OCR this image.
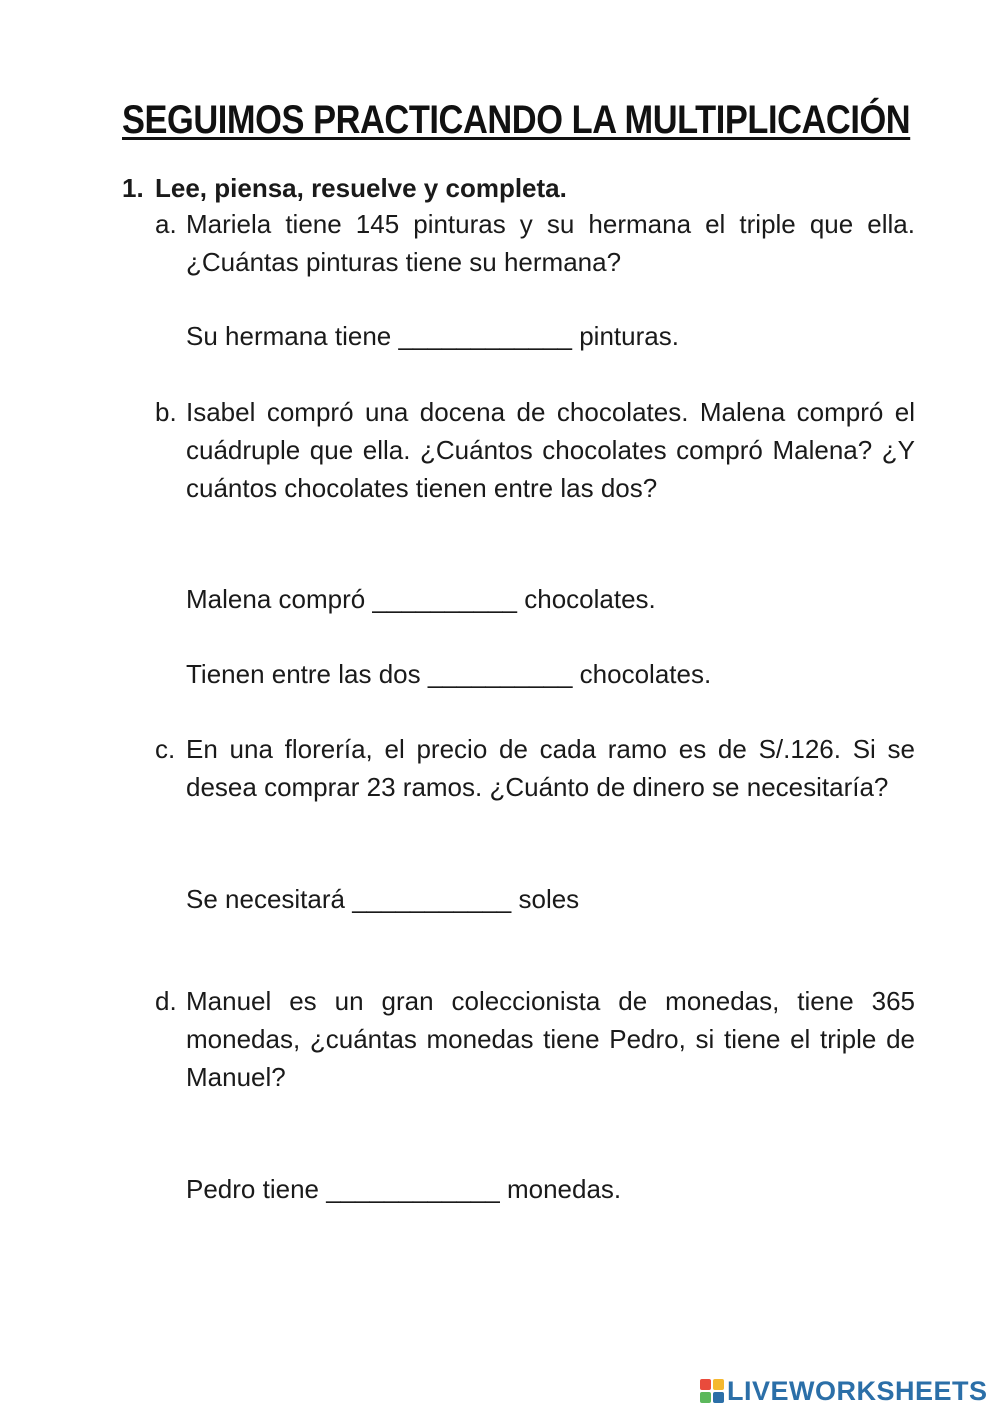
SEGUIMOS PRACTICANDO LA MULTIPLICACIÓN
1. Lee, piensa, resuelve y completa.
a. Mariela tiene 145 pinturas y su hermana el triple que ella. ¿Cuántas pinturas tiene su hermana?
Su hermana tiene ____________ pinturas.
b. Isabel compró una docena de chocolates. Malena compró el cuádruple que ella. ¿Cuántos chocolates compró Malena? ¿Y cuántos chocolates tienen entre las dos?
Malena compró __________ chocolates.
Tienen entre las dos __________ chocolates.
c. En una florería, el precio de cada ramo es de S/.126. Si se desea comprar 23 ramos. ¿Cuánto de dinero se necesitaría?
Se necesitará ___________ soles
d. Manuel es un gran coleccionista de monedas, tiene 365 monedas, ¿cuántas monedas tiene Pedro, si tiene el triple de Manuel?
Pedro tiene ____________ monedas.
LIVEWORKSHEETS
